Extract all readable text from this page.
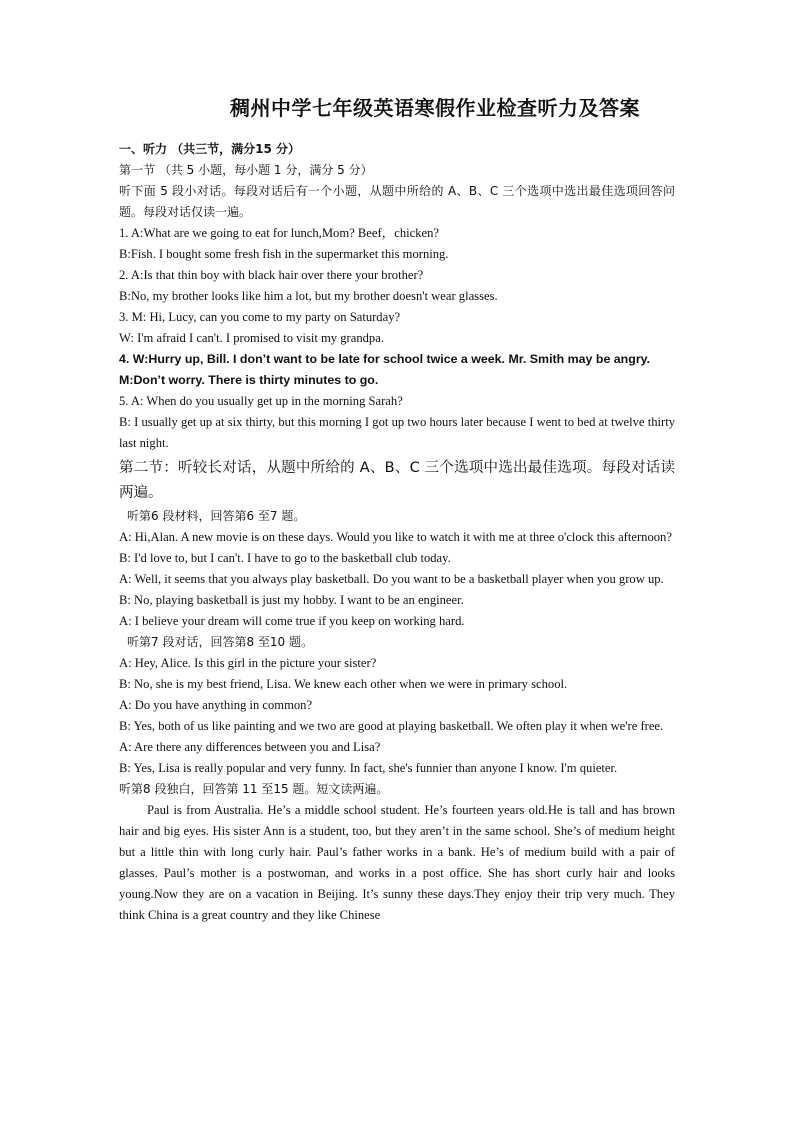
稠州中学七年级英语寒假作业检查听力及答案

一、听力 （共三节，满分15 分）

第一节 （共 5 小题，每小题 1 分，满分 5 分）

听下面 5 段小对话。每段对话后有一个小题，从题中所给的 A、B、C 三个选项中选出最佳选项回答问题。每段对话仅读一遍。

1. A:What are we going to eat for lunch,Mom? Beef，chicken?

B:Fish. I bought some fresh fish in the supermarket this morning.

2. A:Is that thin boy with black hair over there your brother?

B:No, my brother looks like him a lot, but my brother doesn't wear glasses.

3. M: Hi, Lucy, can you come to my party on Saturday?

W: I'm afraid I can't. I promised to visit my grandpa.

4. W:Hurry up, Bill. I don’t want to be late for school twice a week. Mr. Smith may be angry.

M:Don’t worry. There is thirty minutes to go.

5. A: When do you usually get up in the morning Sarah?

B: I usually get up at six thirty, but this morning I got up two hours later because I went to bed at twelve thirty last night.

第二节：听较长对话，从题中所给的 A、B、C 三个选项中选出最佳选项。每段对话读两遍。

听第6 段材料，回答第6 至7 题。

A: Hi,Alan. A new movie is on these days. Would you like to watch it with me at three o'clock this afternoon?

B: I'd love to, but I can't. I have to go to the basketball club today.

A: Well, it seems that you always play basketball. Do you want to be a basketball player when you grow up.

B: No, playing basketball is just my hobby. I want to be an engineer.

A: I believe your dream will come true if you keep on working hard.

听第7 段对话，回答第8 至10 题。

A: Hey, Alice. Is this girl in the picture your sister?

B: No, she is my best friend, Lisa. We knew each other when we were in primary school.

A: Do you have anything in common?

B: Yes, both of us like painting and we two are good at playing basketball. We often play it when we're free.

A: Are there any differences between you and Lisa?

B: Yes, Lisa is really popular and very funny. In fact, she's funnier than anyone I know. I'm quieter.

听第8 段独白，回答第 11 至15 题。短文读两遍。

Paul is from Australia. He’s a middle school student. He’s fourteen years old.He is tall and has brown hair and big eyes. His sister Ann is a student, too, but they aren’t in the same school. She’s of medium height but a little thin with long curly hair. Paul’s father works in a bank. He’s of medium build with a pair of glasses. Paul’s mother is a postwoman, and works in a post office. She has short curly hair and looks young.Now they are on a vacation in Beijing. It’s sunny these days.They enjoy their trip very much. They think China is a great country and they like Chinese
